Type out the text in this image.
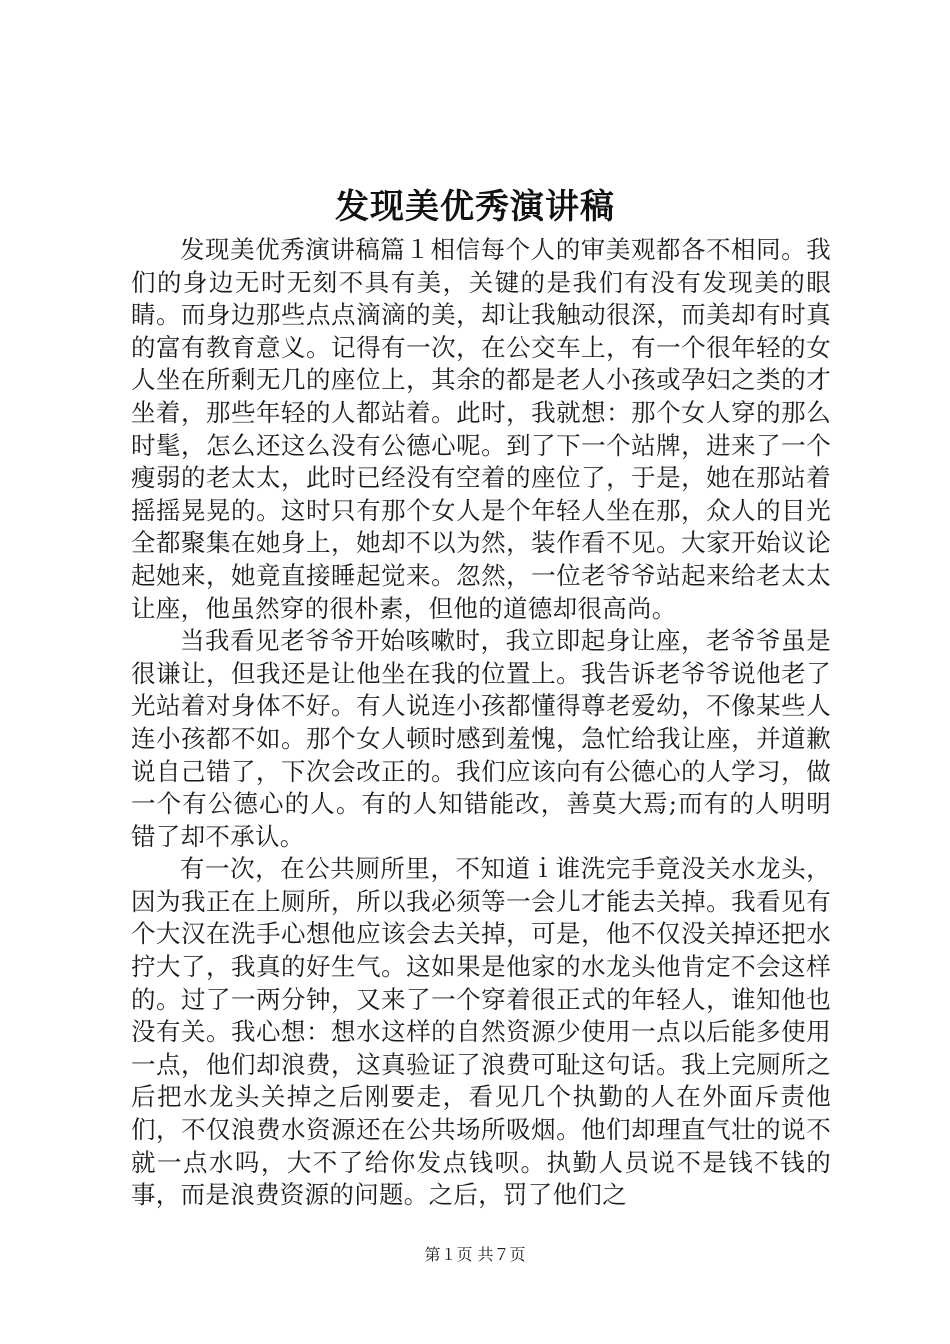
发现美优秀演讲稿

发现美优秀演讲稿篇１相信每个人的审美观都各不相同。我们的身边无时无刻不具有美，关键的是我们有没有发现美的眼睛。而身边那些点点滴滴的美，却让我触动很深，而美却有时真的富有教育意义。记得有一次，在公交车上，有一个很年轻的女人坐在所剩无几的座位上，其余的都是老人小孩或孕妇之类的才坐着，那些年轻的人都站着。此时，我就想：那个女人穿的那么时髦，怎么还这么没有公德心呢。到了下一个站牌，进来了一个瘦弱的老太太，此时已经没有空着的座位了，于是，她在那站着摇摇晃晃的。这时只有那个女人是个年轻人坐在那，众人的目光全都聚集在她身上，她却不以为然，装作看不见。大家开始议论起她来，她竟直接睡起觉来。忽然，一位老爷爷站起来给老太太让座，他虽然穿的很朴素，但他的道德却很高尚。

当我看见老爷爷开始咳嗽时，我立即起身让座，老爷爷虽是很谦让，但我还是让他坐在我的位置上。我告诉老爷爷说他老了光站着对身体不好。有人说连小孩都懂得尊老爱幼，不像某些人连小孩都不如。那个女人顿时感到羞愧，急忙给我让座，并道歉说自己错了，下次会改正的。我们应该向有公德心的人学习，做一个有公德心的人。有的人知错能改，善莫大焉;而有的人明明错了却不承认。

有一次，在公共厕所里，不知道ｉ谁洗完手竟没关水龙头，因为我正在上厕所，所以我必须等一会儿才能去关掉。我看见有个大汉在洗手心想他应该会去关掉，可是，他不仅没关掉还把水拧大了，我真的好生气。这如果是他家的水龙头他肯定不会这样的。过了一两分钟，又来了一个穿着很正式的年轻人，谁知他也没有关。我心想：想水这样的自然资源少使用一点以后能多使用一点，他们却浪费，这真验证了浪费可耻这句话。我上完厕所之后把水龙头关掉之后刚要走，看见几个执勤的人在外面斥责他们，不仅浪费水资源还在公共场所吸烟。他们却理直气壮的说不就一点水吗，大不了给你发点钱呗。执勤人员说不是钱不钱的事，而是浪费资源的问题。之后，罚了他们之

第１页 共７页
